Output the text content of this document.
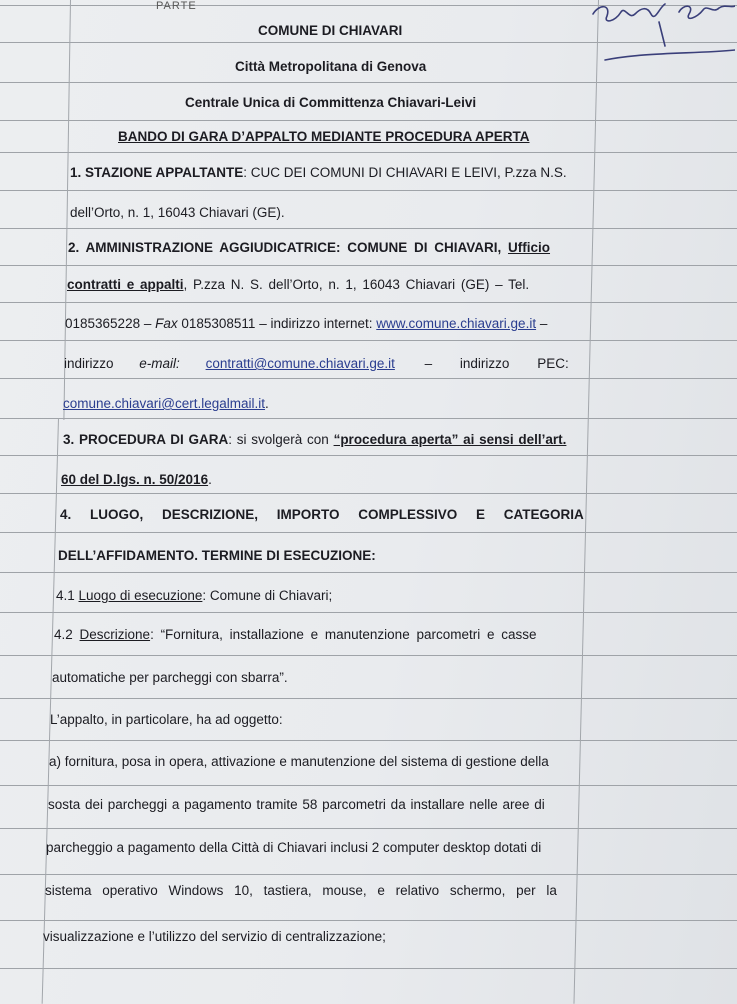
PARTE
COMUNE DI CHIAVARI
Città Metropolitana di Genova
Centrale Unica di Committenza Chiavari-Leivi
BANDO DI GARA D’APPALTO MEDIANTE PROCEDURA APERTA
1. STAZIONE APPALTANTE: CUC DEI COMUNI DI CHIAVARI E LEIVI, P.zza N.S.
dell’Orto, n. 1, 16043 Chiavari (GE).
2. AMMINISTRAZIONE AGGIUDICATRICE: COMUNE DI CHIAVARI, Ufficio
contratti e appalti, P.zza N. S. dell’Orto, n. 1, 16043 Chiavari (GE) – Tel.
0185365228 – Fax 0185308511 – indirizzo internet: www.comune.chiavari.ge.it –
indirizzo e-mail: contratti@comune.chiavari.ge.it – indirizzo PEC:
comune.chiavari@cert.legalmail.it.
3. PROCEDURA DI GARA: si svolgerà con “procedura aperta” ai sensi dell’art.
60 del D.lgs. n. 50/2016.
4. LUOGO, DESCRIZIONE, IMPORTO COMPLESSIVO E CATEGORIA
DELL’AFFIDAMENTO. TERMINE DI ESECUZIONE:
4.1 Luogo di esecuzione: Comune di Chiavari;
4.2 Descrizione: “Fornitura, installazione e manutenzione parcometri e casse
automatiche per parcheggi con sbarra”.
L’appalto, in particolare, ha ad oggetto:
a) fornitura, posa in opera, attivazione e manutenzione del sistema di gestione della
sosta dei parcheggi a pagamento tramite 58 parcometri da installare nelle aree di
parcheggio a pagamento della Città di Chiavari inclusi 2 computer desktop dotati di
sistema operativo Windows 10, tastiera, mouse, e relativo schermo, per la
visualizzazione e l’utilizzo del servizio di centralizzazione;
